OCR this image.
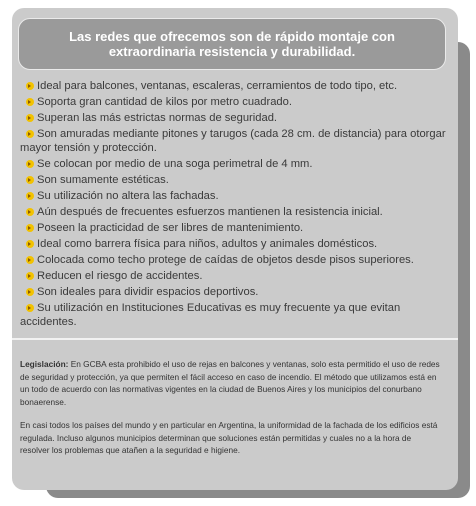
Las redes que ofrecemos son de rápido montaje con extraordinaria resistencia y durabilidad.
Ideal para balcones, ventanas, escaleras, cerramientos de todo tipo, etc.
Soporta gran cantidad de kilos por metro cuadrado.
Superan las más estrictas normas de seguridad.
Son amuradas mediante pitones y tarugos (cada 28 cm. de distancia) para otorgar mayor tensión y protección.
Se colocan por medio de una soga perimetral de 4 mm.
Son sumamente estéticas.
Su utilización no altera las fachadas.
Aún después de frecuentes esfuerzos mantienen la resistencia inicial.
Poseen la practicidad de ser libres de mantenimiento.
Ideal como barrera física para niños, adultos y animales domésticos.
Colocada como techo protege de caídas de objetos desde pisos superiores.
Reducen el riesgo de accidentes.
Son ideales para dividir espacios deportivos.
Su utilización en Instituciones Educativas es muy frecuente ya que evitan accidentes.

Legislación: En GCBA esta prohibido el uso de rejas en balcones y ventanas, solo esta permitido el uso de redes de seguridad y protección, ya que permiten el fácil acceso en caso de incendio. El método que utilizamos está en un todo de acuerdo con las normativas vigentes en la ciudad de Buenos Aires y los municipios del conurbano bonaerense.

En casi todos los países del mundo y en particular en Argentina, la uniformidad de la fachada de los edificios está regulada. Incluso algunos municipios determinan que soluciones están permitidas y cuales no a la hora de resolver los problemas que atañen a la seguridad e higiene.
